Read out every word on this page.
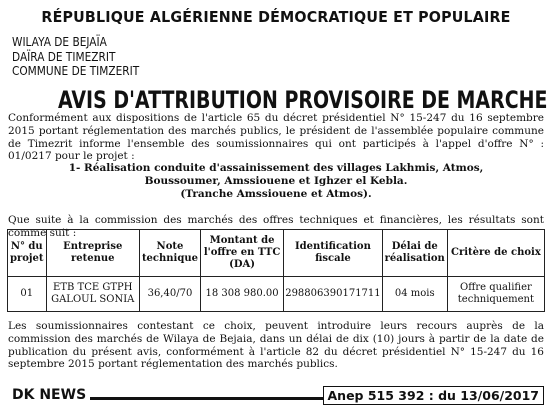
RÉPUBLIQUE ALGÉRIENNE DÉMOCRATIQUE ET POPULAIRE
WILAYA DE BEJAÏA
DAÏRA DE TIMEZRIT
COMMUNE DE TIMZERIT
AVIS D'ATTRIBUTION PROVISOIRE DE MARCHE
Conformément aux dispositions de l'article 65 du décret présidentiel N° 15-247 du 16 septembre 2015 portant réglementation des marchés publics, le président de l'assemblée populaire commune de Timezrit informe l'ensemble des soumissionnaires qui ont participés à l'appel d'offre N° : 01/0217 pour le projet :
1- Réalisation conduite d'assainissement des villages Lakhmis, Atmos,
Boussoumer, Amssiouene et Ighzer el Kebla.
(Tranche Amssiouene et Atmos).
Que suite à la commission des marchés des offres techniques et financières, les résultats sont comme suit :
N° du projet	Entreprise retenue	Note technique	Montant de l'offre en TTC (DA)	Identification fiscale	Délai de réalisation	Critère de choix
01	ETB TCE GTPH GALOUL SONIA	36,40/70	18 308 980.00	298806390171711	04 mois	Offre qualifier techniquement
Les soumissionnaires contestant ce choix, peuvent introduire leurs recours auprès de la commission des marchés de Wilaya de Bejaia, dans un délai de dix (10) jours à partir de la date de publication du présent avis, conformément à l'article 82 du décret présidentiel N° 15-247 du 16 septembre 2015 portant réglementation des marchés publics.
DK NEWS	Anep 515 392 : du 13/06/2017
